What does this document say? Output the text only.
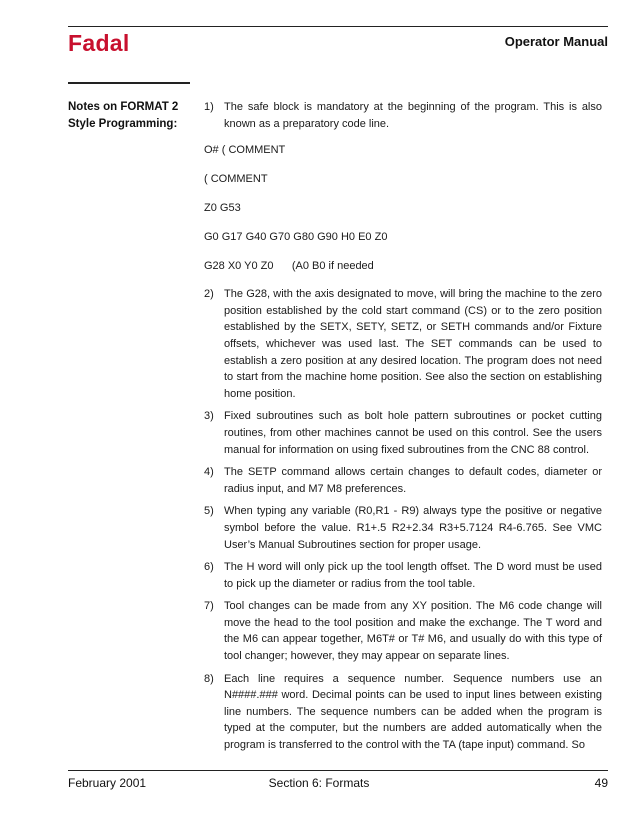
Fadal	Operator Manual
Notes on FORMAT 2
Style Programming:
1) The safe block is mandatory at the beginning of the program. This is also known as a preparatory code line.

O# ( COMMENT

( COMMENT

Z0 G53

G0 G17 G40 G70 G80 G90 H0 E0 Z0

G28 X0 Y0 Z0      (A0 B0 if needed

2) The G28, with the axis designated to move, will bring the machine to the zero position established by the cold start command (CS) or to the zero position established by the SETX, SETY, SETZ, or SETH commands and/or Fixture offsets, whichever was used last. The SET commands can be used to establish a zero position at any desired location. The program does not need to start from the machine home position. See also the section on establishing home position.
3) Fixed subroutines such as bolt hole pattern subroutines or pocket cutting routines, from other machines cannot be used on this control. See the users manual for information on using fixed subroutines from the CNC 88 control.
4) The SETP command allows certain changes to default codes, diameter or radius input, and M7 M8 preferences.
5) When typing any variable (R0,R1 - R9) always type the positive or negative symbol before the value. R1+.5 R2+2.34 R3+5.7124 R4-6.765. See VMC User’s Manual Subroutines section for proper usage.
6) The H word will only pick up the tool length offset. The D word must be used to pick up the diameter or radius from the tool table.
7) Tool changes can be made from any XY position. The M6 code change will move the head to the tool position and make the exchange. The T word and the M6 can appear together, M6T# or T# M6, and usually do with this type of tool changer; however, they may appear on separate lines.
8) Each line requires a sequence number. Sequence numbers use an N####.### word. Decimal points can be used to input lines between existing line numbers. The sequence numbers can be added when the program is typed at the computer, but the numbers are added automatically when the program is transferred to the control with the TA (tape input) command. So
February 2001	Section 6: Formats	49
